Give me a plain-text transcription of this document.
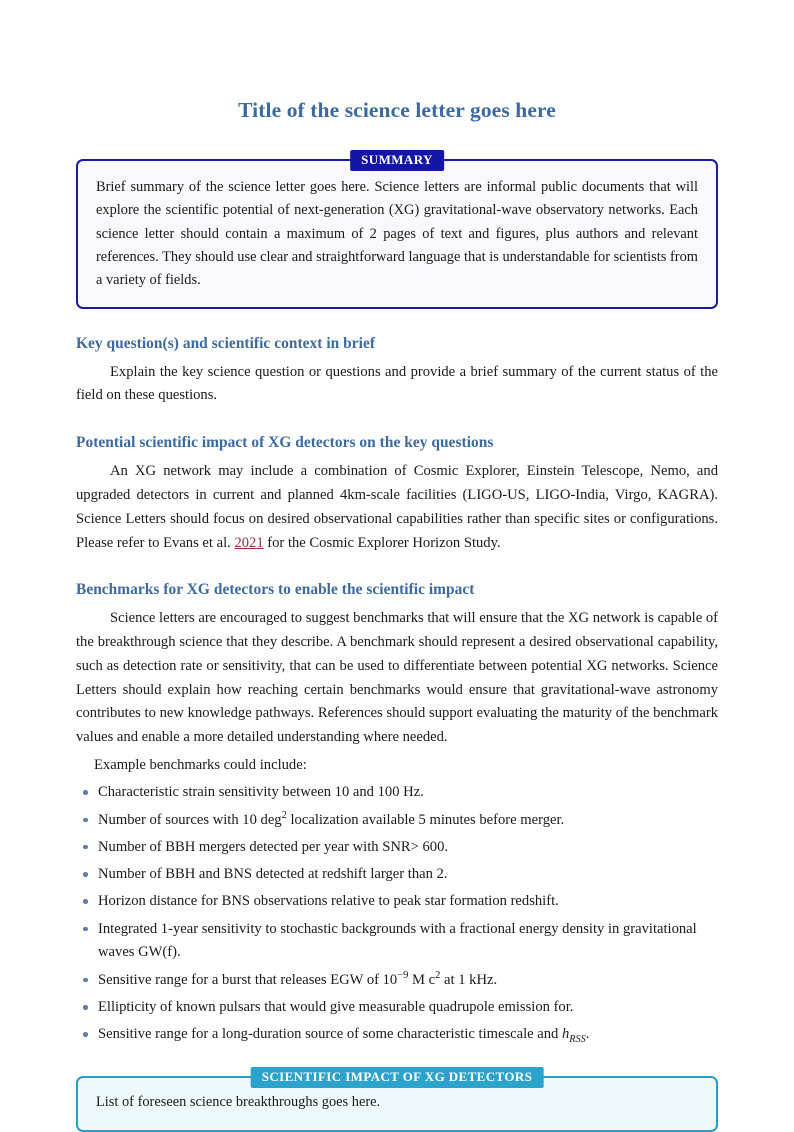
Title of the science letter goes here
SUMMARY

Brief summary of the science letter goes here. Science letters are informal public documents that will explore the scientific potential of next-generation (XG) gravitational-wave observatory networks. Each science letter should contain a maximum of 2 pages of text and figures, plus authors and relevant references. They should use clear and straightforward language that is understandable for scientists from a variety of fields.

Key question(s) and scientific context in brief

Explain the key science question or questions and provide a brief summary of the current status of the field on these questions.

Potential scientific impact of XG detectors on the key questions

An XG network may include a combination of Cosmic Explorer, Einstein Telescope, Nemo, and upgraded detectors in current and planned 4km-scale facilities (LIGO-US, LIGO-India, Virgo, KAGRA). Science Letters should focus on desired observational capabilities rather than specific sites or configurations. Please refer to Evans et al. 2021 for the Cosmic Explorer Horizon Study.

Benchmarks for XG detectors to enable the scientific impact

Science letters are encouraged to suggest benchmarks that will ensure that the XG network is capable of the breakthrough science that they describe. A benchmark should represent a desired observational capability, such as detection rate or sensitivity, that can be used to differentiate between potential XG networks. Science Letters should explain how reaching certain benchmarks would ensure that gravitational-wave astronomy contributes to new knowledge pathways. References should support evaluating the maturity of the benchmark values and enable a more detailed understanding where needed.

Example benchmarks could include:

Characteristic strain sensitivity between 10 and 100 Hz.
Number of sources with 10 deg$^2$ localization available 5 minutes before merger.
Number of BBH mergers detected per year with SNR> 600.
Number of BBH and BNS detected at redshift larger than 2.
Horizon distance for BNS observations relative to peak star formation redshift.
Integrated 1-year sensitivity to stochastic backgrounds with a fractional energy density in gravitational waves GW(f).
Sensitive range for a burst that releases EGW of $10^{-9}$ M $c^2$ at 1 kHz.
Ellipticity of known pulsars that would give measurable quadrupole emission for.
Sensitive range for a long-duration source of some characteristic timescale and $h_{RSS}$.
SCIENTIFIC IMPACT OF XG DETECTORS

List of foreseen science breakthroughs goes here.
